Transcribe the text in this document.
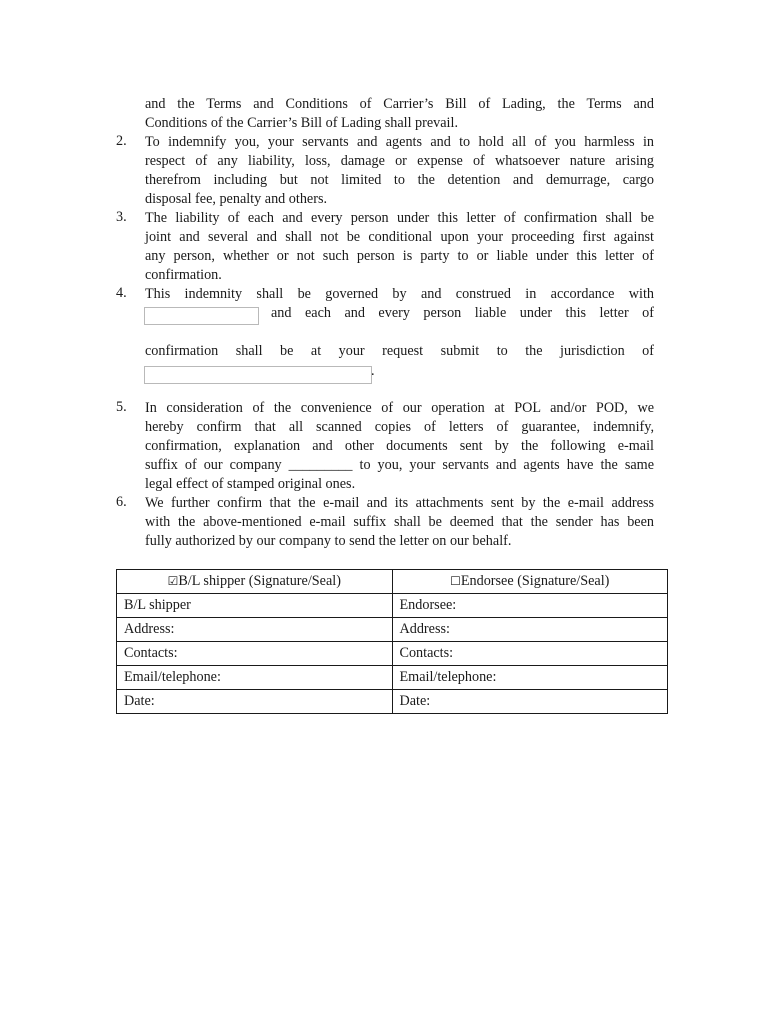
and the Terms and Conditions of Carrier’s Bill of Lading, the Terms and
Conditions of the Carrier’s Bill of Lading shall prevail.
2.	To indemnify you, your servants and agents and to hold all of you harmless in
respect of any liability, loss, damage or expense of whatsoever nature arising
therefrom including but not limited to the detention and demurrage, cargo
disposal fee, penalty and others.
3.	The liability of each and every person under this letter of confirmation shall be
joint and several and shall not be conditional upon your proceeding first against
any person, whether or not such person is party to or liable under this letter of
confirmation.
4.	This indemnity shall be governed by and construed in accordance with
and each and every person liable under this letter of
confirmation shall be at your request submit to the jurisdiction of
.
5.	In consideration of the convenience of our operation at POL and/or POD, we
hereby confirm that all scanned copies of letters of guarantee, indemnify,
confirmation, explanation and other documents sent by the following e-mail
suffix of our company _________ to you, your servants and agents have the same
legal effect of stamped original ones.
6.	We further confirm that the e-mail and its attachments sent by the e-mail address
with the above-mentioned e-mail suffix shall be deemed that the sender has been
fully authorized by our company to send the letter on our behalf.
☑B/L shipper (Signature/Seal)	☐Endorsee (Signature/Seal)
B/L shipper	Endorsee:
Address:	Address:
Contacts:	Contacts:
Email/telephone:	Email/telephone:
Date:	Date:
